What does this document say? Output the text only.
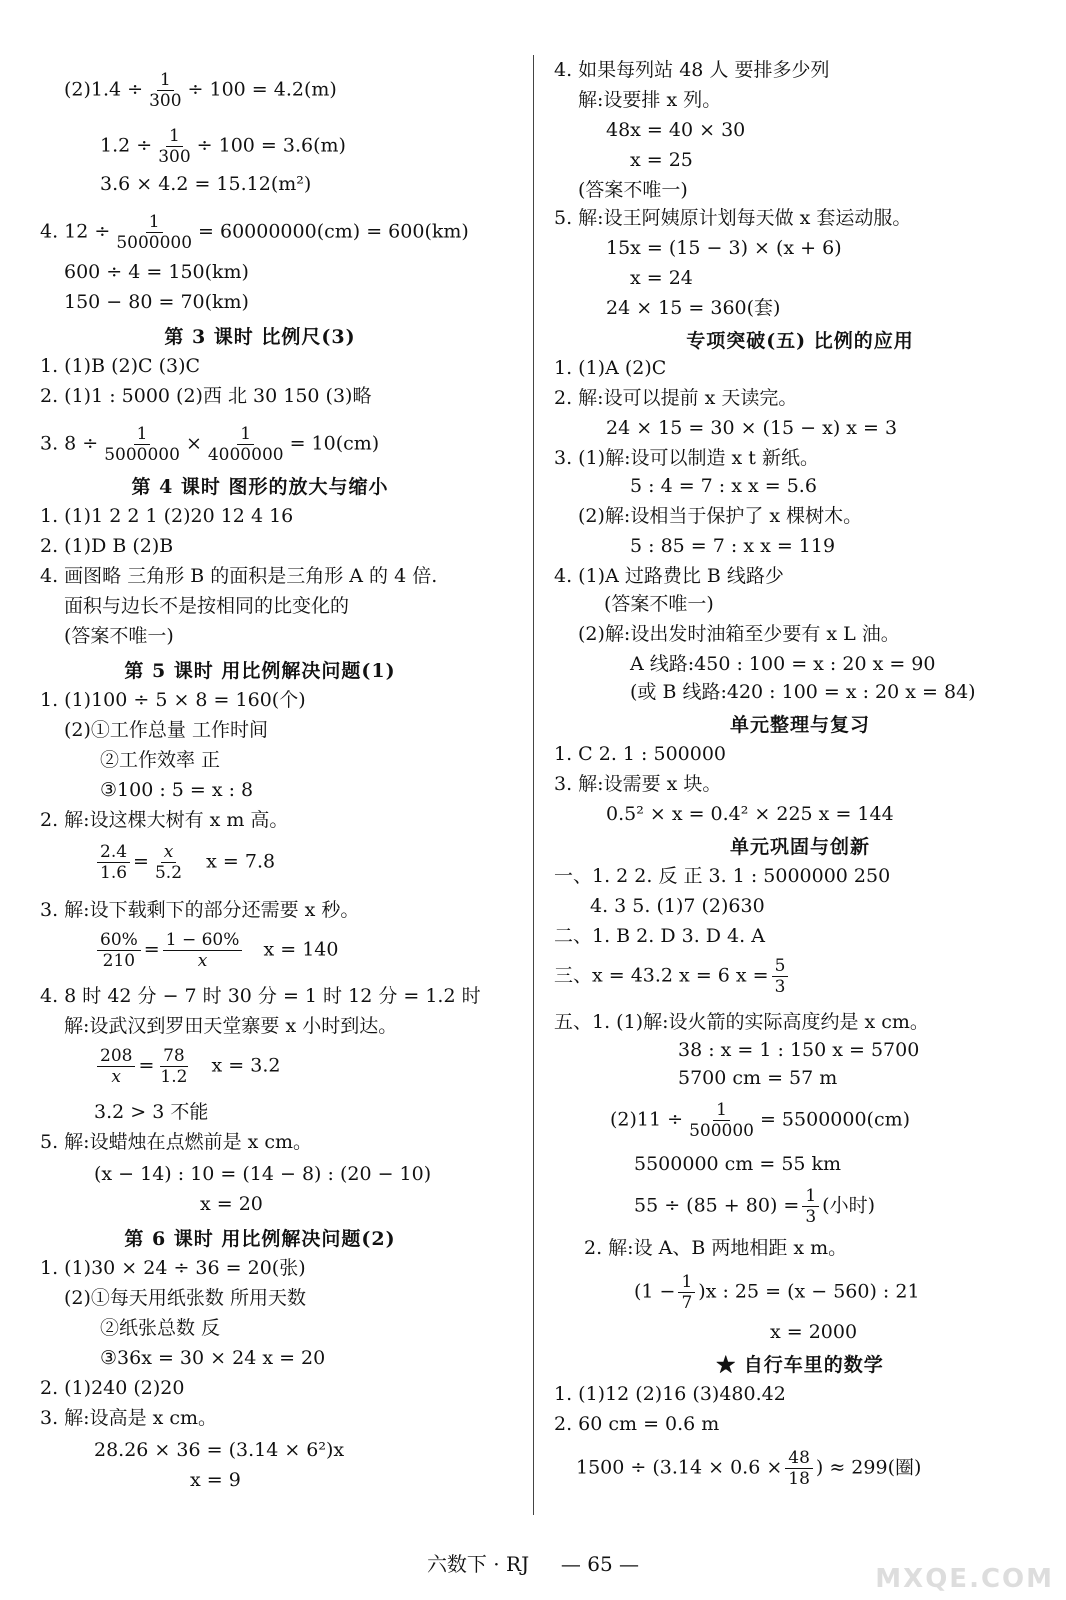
$(2)1.4 \div \frac{1}{300} \div 100 = 4.2(m)$
$1.2 \div \frac{1}{300} \div 100 = 3.6(m)$
3.6 × 4.2 = 15.12(m²)
4. $12 \div \frac{1}{5000000} = 60000000(cm) = 600(km)$
600 ÷ 4 = 150(km)
150 − 80 = 70(km)
第 3 课时 比例尺(3)
1. (1)B (2)C (3)C
2. (1)1 : 5000 (2)西 北 30 150 (3)略
3. $8 \div \frac{1}{5000000} \times \frac{1}{4000000} = 10(cm)$
第 4 课时 图形的放大与缩小
1. (1)1 2 2 1 (2)20 12 4 16
2. (1)D B (2)B
4. 画图略 三角形 B 的面积是三角形 A 的 4 倍.
面积与边长不是按相同的比变化的
(答案不唯一)
第 5 课时 用比例解决问题(1)
1. (1)100 ÷ 5 × 8 = 160(个)
(2)①工作总量 工作时间
②工作效率 正
③100 : 5 = x : 8
2. 解:设这棵大树有 x m 高。
$\frac{2.4}{1.6} = \frac{x}{5.2}$ x = 7.8
3. 解:设下载剩下的部分还需要 x 秒。
$\frac{60\%}{210} = \frac{1 - 60\%}{x}$ x = 140
4. 8 时 42 分 − 7 时 30 分 = 1 时 12 分 = 1.2 时
解:设武汉到罗田天堂寨要 x 小时到达。
$\frac{208}{x} = \frac{78}{1.2}$ x = 3.2
3.2 > 3 不能
5. 解:设蜡烛在点燃前是 x cm。
(x − 14) : 10 = (14 − 8) : (20 − 10)
x = 20
第 6 课时 用比例解决问题(2)
1. (1)30 × 24 ÷ 36 = 20(张)
(2)①每天用纸张数 所用天数
②纸张总数 反
③36x = 30 × 24 x = 20
2. (1)240 (2)20
3. 解:设高是 x cm。
28.26 × 36 = (3.14 × 6²)x
x = 9
4. 如果每列站 48 人 要排多少列
解:设要排 x 列。
48x = 40 × 30
x = 25
(答案不唯一)
5. 解:设王阿姨原计划每天做 x 套运动服。
15x = (15 − 3) × (x + 6)
x = 24
24 × 15 = 360(套)
专项突破(五) 比例的应用
1. (1)A (2)C
2. 解:设可以提前 x 天读完。
24 × 15 = 30 × (15 − x) x = 3
3. (1)解:设可以制造 x t 新纸。
5 : 4 = 7 : x x = 5.6
(2)解:设相当于保护了 x 棵树木。
5 : 85 = 7 : x x = 119
4. (1)A 过路费比 B 线路少
(答案不唯一)
(2)解:设出发时油箱至少要有 x L 油。
A 线路:450 : 100 = x : 20 x = 90
(或 B 线路:420 : 100 = x : 20 x = 84)
单元整理与复习
1. C 2. 1 : 500000
3. 解:设需要 x 块。
0.5² × x = 0.4² × 225 x = 144
单元巩固与创新
一、1. 2 2. 反 正 3. 1 : 5000000 250
4. 3 5. (1)7 (2)630
二、1. B 2. D 3. D 4. A
三、x = 43.2 x = 6 $x = \frac{5}{3}$
五、1. (1)解:设火箭的实际高度约是 x cm。
38 : x = 1 : 150 x = 5700
5700 cm = 57 m
$(2)11 \div \frac{1}{500000} = 5500000(cm)$
5500000 cm = 55 km
$55 \div (85 + 80) = \frac{1}{3}$ (小时)
2. 解:设 A、B 两地相距 x m。
$(1 - \frac{1}{7} )x$ : 25 = (x − 560) : 21
x = 2000
★ 自行车里的数学
1. (1)12 (2)16 (3)480.42
2. 60 cm = 0.6 m
$1500 \div (3.14 \times 0.6 \times \frac{48}{18}$ ) ≈ 299(圈)
六数下 · RJ — 65 —	MXQE.COM
